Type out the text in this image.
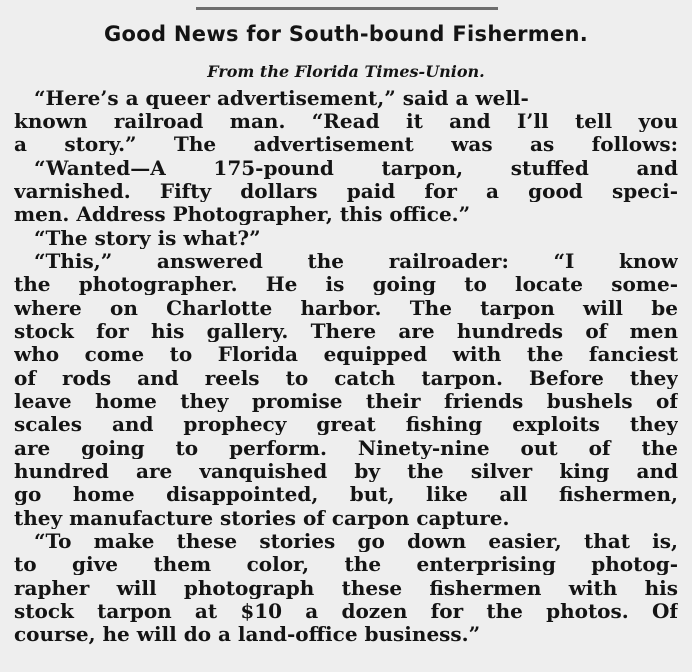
Good News for South-bound Fishermen.
From the Florida Times-Union.
“Here’s a queer advertisement,” said a well-
known railroad man. “Read it and I’ll tell you
a story.” The advertisement was as follows:
“Wanted—A 175-pound tarpon, stuffed and
varnished. Fifty dollars paid for a good speci-
men. Address Photographer, this office.”
“The story is what?”
“This,” answered the railroader: “I know
the photographer. He is going to locate some-
where on Charlotte harbor. The tarpon will be
stock for his gallery. There are hundreds of men
who come to Florida equipped with the fanciest
of rods and reels to catch tarpon. Before they
leave home they promise their friends bushels of
scales and prophecy great fishing exploits they
are going to perform. Ninety-nine out of the
hundred are vanquished by the silver king and
go home disappointed, but, like all fishermen,
they manufacture stories of carpon capture.
“To make these stories go down easier, that is,
to give them color, the enterprising photog-
rapher will photograph these fishermen with his
stock tarpon at $10 a dozen for the photos. Of
course, he will do a land-office business.”
